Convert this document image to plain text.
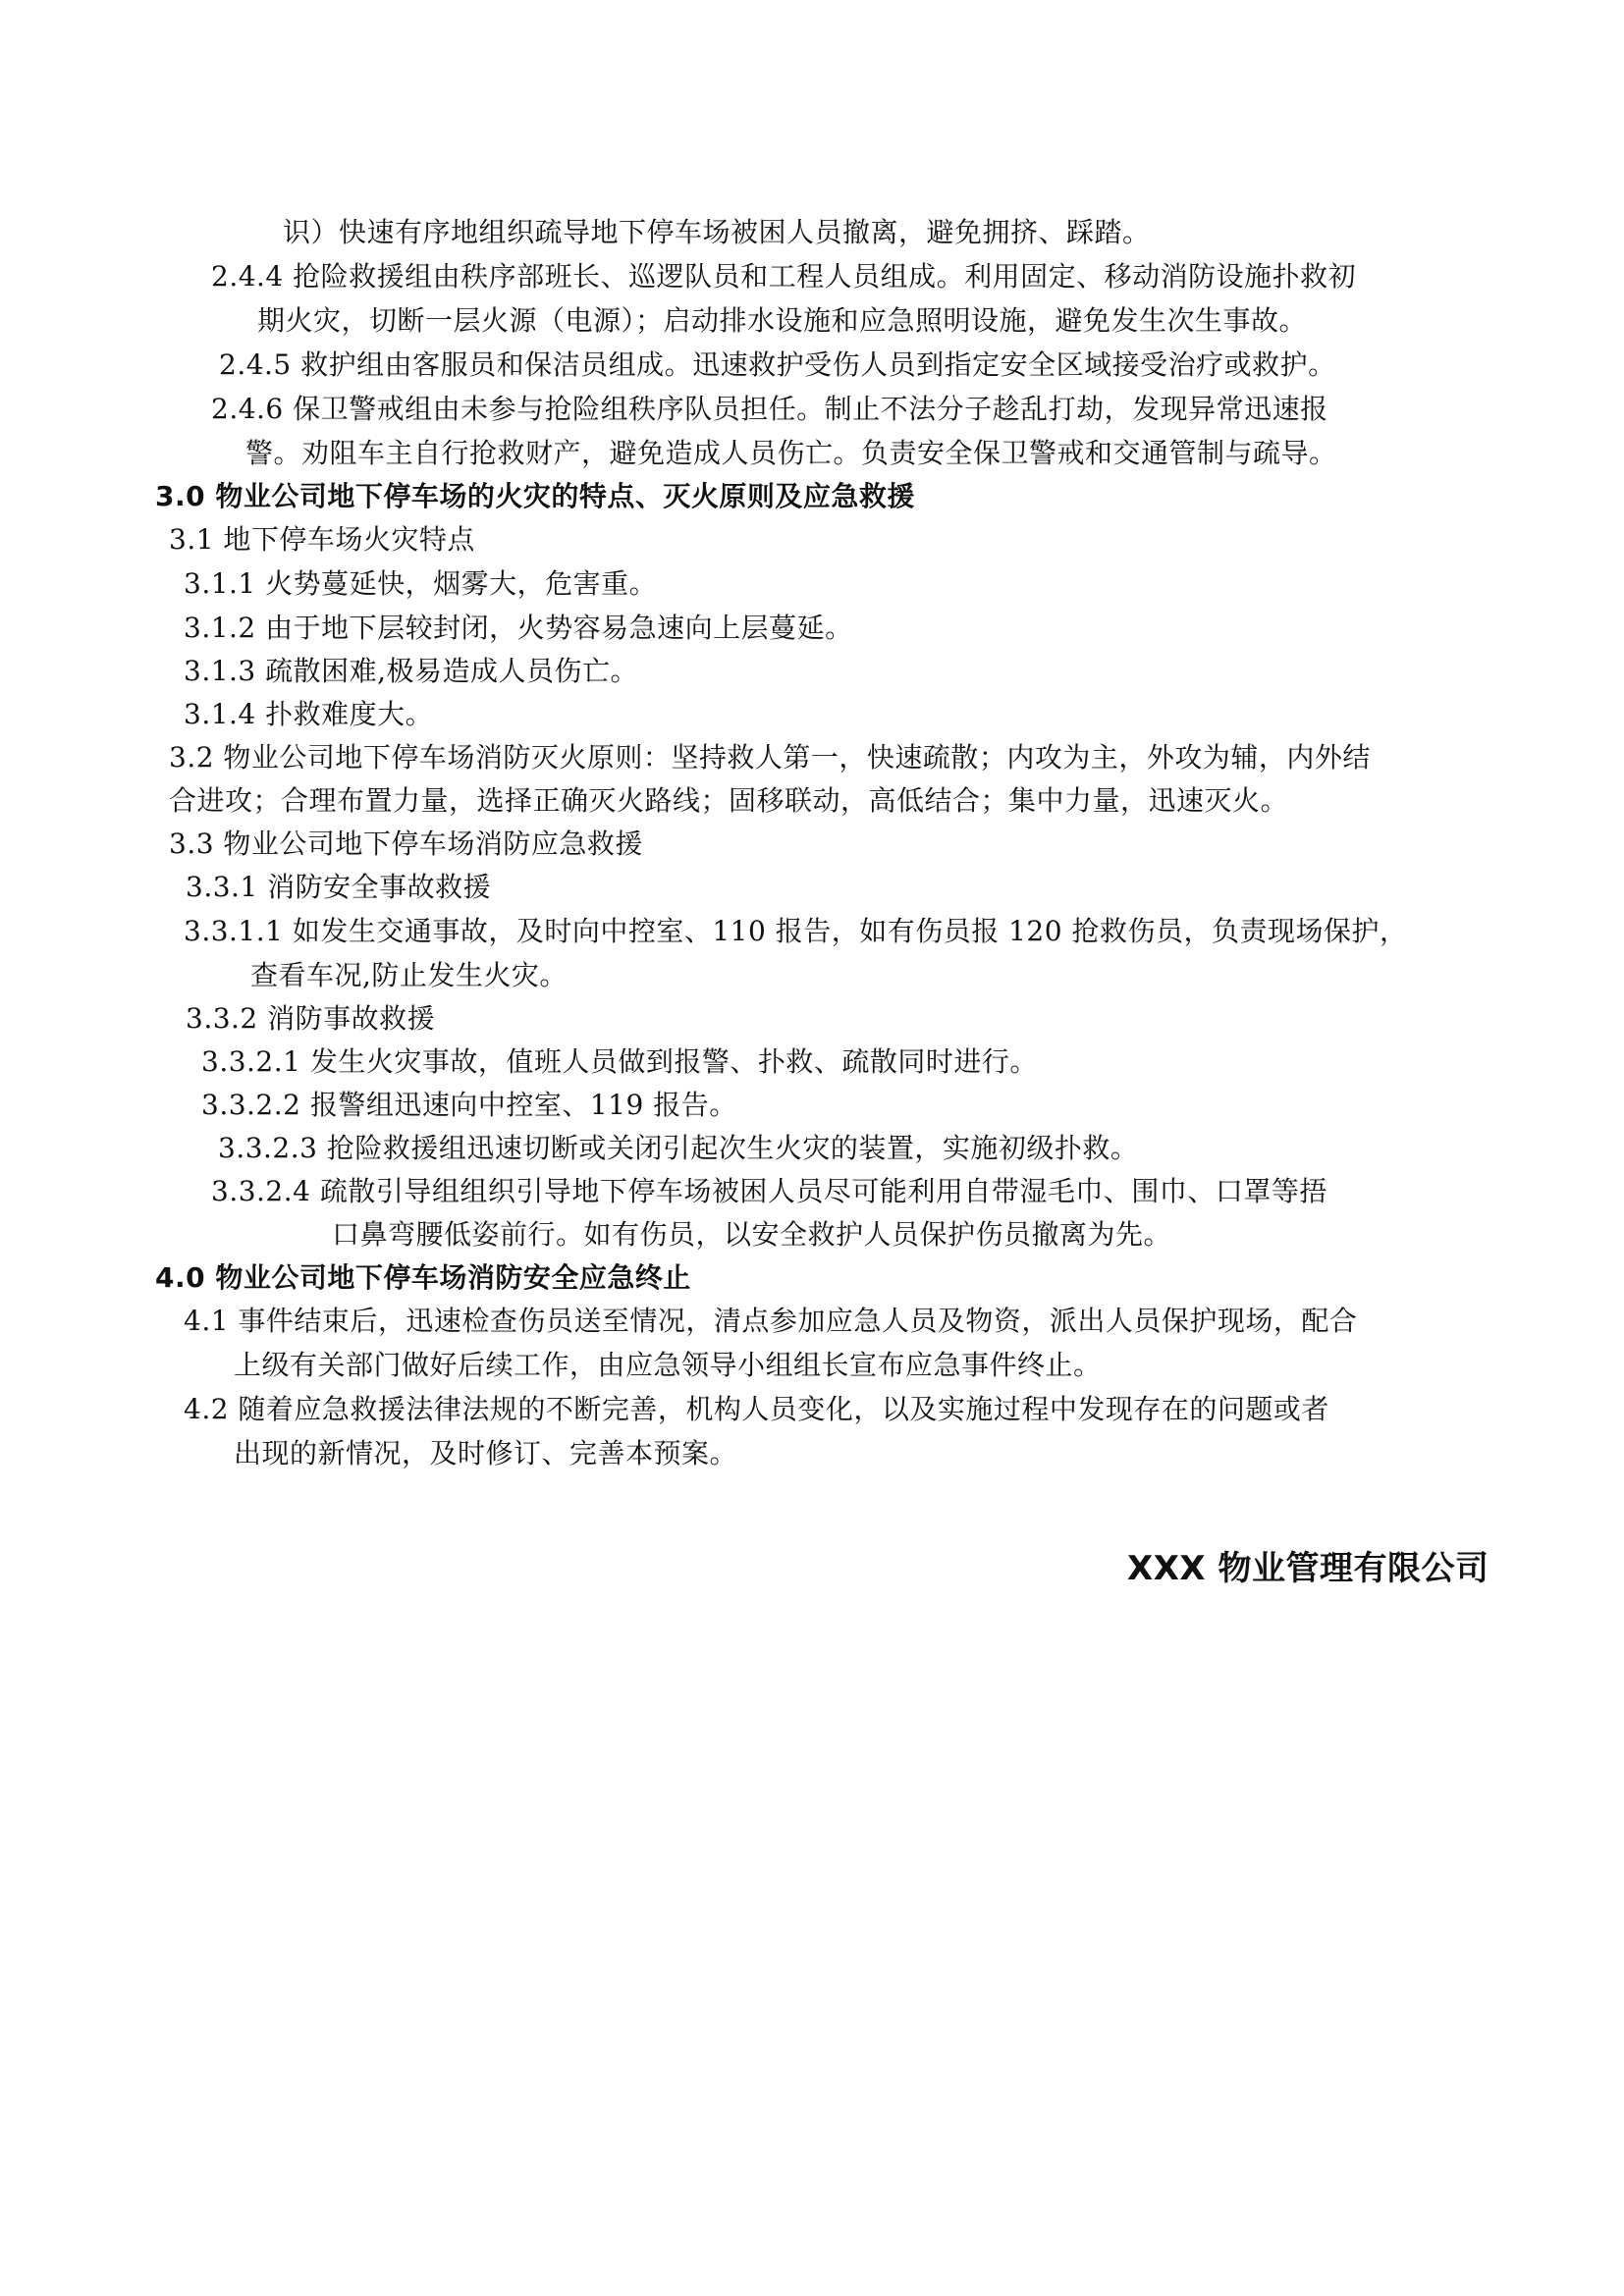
识）快速有序地组织疏导地下停车场被困人员撤离，避免拥挤、踩踏。
2.4.4 抢险救援组由秩序部班长、巡逻队员和工程人员组成。利用固定、移动消防设施扑救初
期火灾，切断一层火源（电源）；启动排水设施和应急照明设施，避免发生次生事故。
2.4.5 救护组由客服员和保洁员组成。迅速救护受伤人员到指定安全区域接受治疗或救护。
2.4.6 保卫警戒组由未参与抢险组秩序队员担任。制止不法分子趁乱打劫，发现异常迅速报
警。劝阻车主自行抢救财产，避免造成人员伤亡。负责安全保卫警戒和交通管制与疏导。
3.0 物业公司地下停车场的火灾的特点、灭火原则及应急救援
3.1 地下停车场火灾特点
3.1.1 火势蔓延快，烟雾大，危害重。
3.1.2 由于地下层较封闭，火势容易急速向上层蔓延。
3.1.3 疏散困难,极易造成人员伤亡。
3.1.4 扑救难度大。
3.2 物业公司地下停车场消防灭火原则：坚持救人第一，快速疏散；内攻为主，外攻为辅，内外结
合进攻；合理布置力量，选择正确灭火路线；固移联动，高低结合；集中力量，迅速灭火。
3.3 物业公司地下停车场消防应急救援
3.3.1 消防安全事故救援
3.3.1.1 如发生交通事故，及时向中控室、110 报告，如有伤员报 120 抢救伤员，负责现场保护，
查看车况,防止发生火灾。
3.3.2 消防事故救援
3.3.2.1 发生火灾事故，值班人员做到报警、扑救、疏散同时进行。
3.3.2.2 报警组迅速向中控室、119 报告。
3.3.2.3 抢险救援组迅速切断或关闭引起次生火灾的装置，实施初级扑救。
3.3.2.4 疏散引导组组织引导地下停车场被困人员尽可能利用自带湿毛巾、围巾、口罩等捂
口鼻弯腰低姿前行。如有伤员，以安全救护人员保护伤员撤离为先。
4.0 物业公司地下停车场消防安全应急终止
4.1 事件结束后，迅速检查伤员送至情况，清点参加应急人员及物资，派出人员保护现场，配合
上级有关部门做好后续工作，由应急领导小组组长宣布应急事件终止。
4.2 随着应急救援法律法规的不断完善，机构人员变化，以及实施过程中发现存在的问题或者
出现的新情况，及时修订、完善本预案。
XXX 物业管理有限公司
